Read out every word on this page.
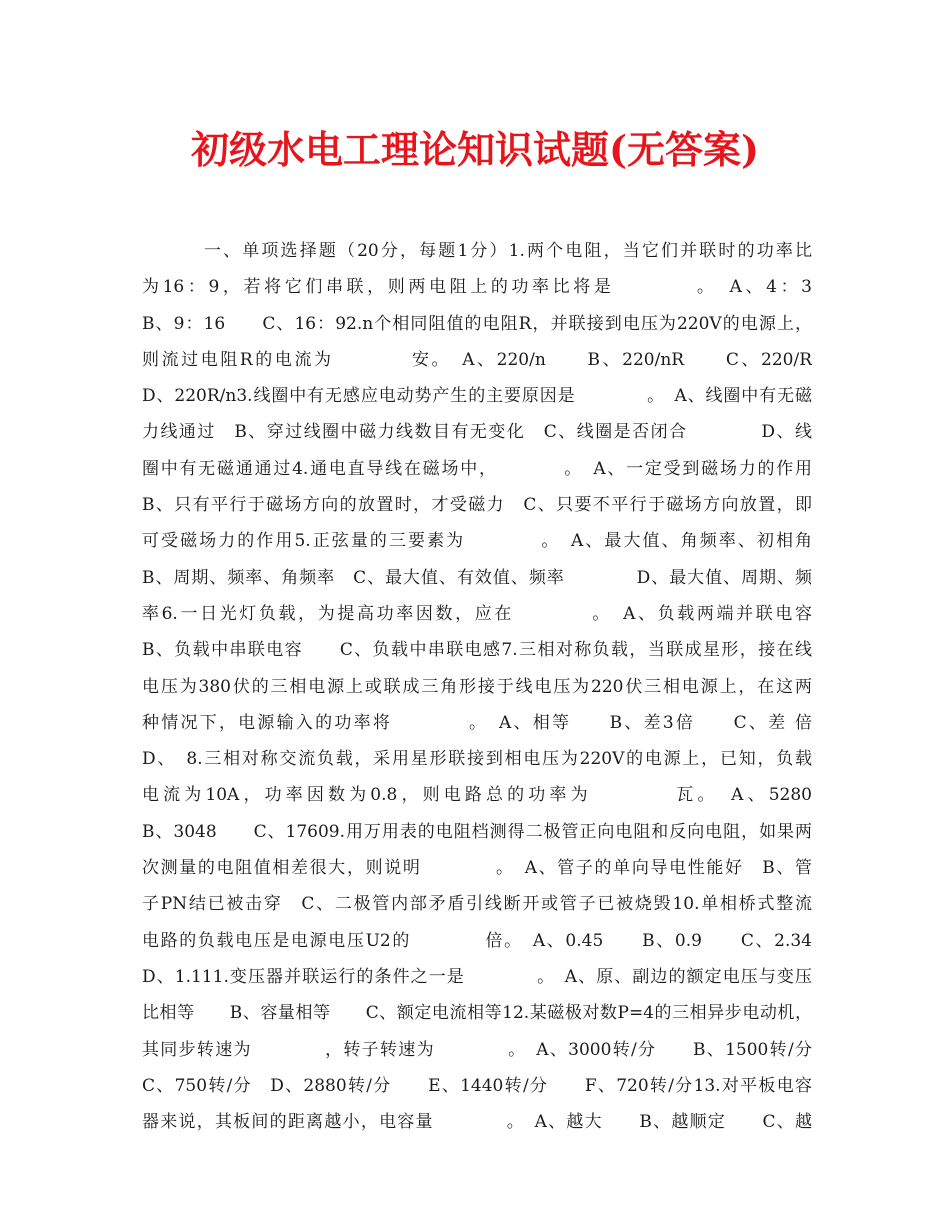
初级水电工理论知识试题(无答案)
一、单项选择题（20分，每题1分）1.两个电阻，当它们并联时的功率比
为16：9，若将它们串联，则两电阻上的功率比将是　　　　。　A、4：3
B、9：16　　C、16：92.n个相同阻值的电阻R，并联接到电压为220V的电源上，
则流过电阻R的电流为　　　　安。　A、220/n　　B、220/nR　　C、220/R
D、220R/n3.线圈中有无感应电动势产生的主要原因是　　　　。　A、线圈中有无磁
力线通过　B、穿过线圈中磁力线数目有无变化　C、线圈是否闭合　　　　D、线
圈中有无磁通通过4.通电直导线在磁场中，　　　　。　A、一定受到磁场力的作用
B、只有平行于磁场方向的放置时，才受磁力　C、只要不平行于磁场方向放置，即
可受磁场力的作用5.正弦量的三要素为　　　　。　A、最大值、角频率、初相角
B、周期、频率、角频率　C、最大值、有效值、频率　　　　D、最大值、周期、频
率6.一日光灯负载，为提高功率因数，应在　　　　。　A、负载两端并联电容
B、负载中串联电容　　C、负载中串联电感7.三相对称负载，当联成星形，接在线
电压为380伏的三相电源上或联成三角形接于线电压为220伏三相电源上，在这两
种情况下，电源输入的功率将　　　　。　A、相等　　B、差3倍　　C、差 倍
D、　8.三相对称交流负载，采用星形联接到相电压为220V的电源上，已知，负载
电流为10A，功率因数为0.8，则电路总的功率为　　　　瓦。　A、5280
B、3048　　C、17609.用万用表的电阻档测得二极管正向电阻和反向电阻，如果两
次测量的电阻值相差很大，则说明　　　　。　A、管子的单向导电性能好　B、管
子PN结已被击穿　C、二极管内部矛盾引线断开或管子已被烧毁10.单相桥式整流
电路的负载电压是电源电压U2的　　　　倍。　A、0.45　　B、0.9　　C、2.34
D、1.111.变压器并联运行的条件之一是　　　　。　A、原、副边的额定电压与变压
比相等　　B、容量相等　　C、额定电流相等12.某磁极对数P=4的三相异步电动机，
其同步转速为　　　　，转子转速为　　　　。　A、3000转/分　　B、1500转/分
C、750转/分　D、2880转/分　　E、1440转/分　　F、720转/分13.对平板电容
器来说，其板间的距离越小，电容量　　　　。　A、越大　　B、越顺定　　C、越
